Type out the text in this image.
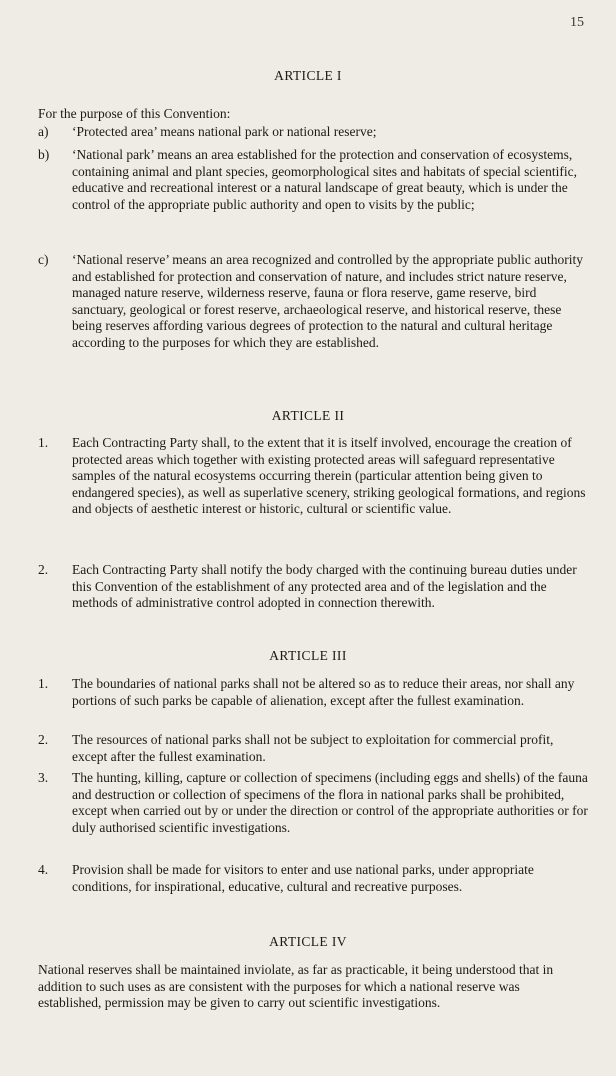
15
ARTICLE I
For the purpose of this Convention:
a) ‘Protected area’ means national park or national reserve;
b) ‘National park’ means an area established for the protection and conservation of ecosystems, containing animal and plant species, geomorphological sites and habitats of special scientific, educative and recreational interest or a natural landscape of great beauty, which is under the control of the appropriate public authority and open to visits by the public;
c) ‘National reserve’ means an area recognized and controlled by the appropriate public authority and established for protection and conservation of nature, and includes strict nature reserve, managed nature reserve, wilderness reserve, fauna or flora reserve, game reserve, bird sanctuary, geological or forest reserve, archaeological reserve, and historical reserve, these being reserves affording various degrees of protection to the natural and cultural heritage according to the purposes for which they are established.
ARTICLE II
1. Each Contracting Party shall, to the extent that it is itself involved, encourage the creation of protected areas which together with existing protected areas will safeguard representative samples of the natural ecosystems occurring therein (particular attention being given to endangered species), as well as superlative scenery, striking geological formations, and regions and objects of aesthetic interest or historic, cultural or scientific value.
2. Each Contracting Party shall notify the body charged with the continuing bureau duties under this Convention of the establishment of any protected area and of the legislation and the methods of administrative control adopted in connection therewith.
ARTICLE III
1. The boundaries of national parks shall not be altered so as to reduce their areas, nor shall any portions of such parks be capable of alienation, except after the fullest examination.
2. The resources of national parks shall not be subject to exploitation for commercial profit, except after the fullest examination.
3. The hunting, killing, capture or collection of specimens (including eggs and shells) of the fauna and destruction or collection of specimens of the flora in national parks shall be prohibited, except when carried out by or under the direction or control of the appropriate authorities or for duly authorised scientific investigations.
4. Provision shall be made for visitors to enter and use national parks, under appropriate conditions, for inspirational, educative, cultural and recreative purposes.
ARTICLE IV
National reserves shall be maintained inviolate, as far as practicable, it being understood that in addition to such uses as are consistent with the purposes for which a national reserve was established, permission may be given to carry out scientific investigations.
